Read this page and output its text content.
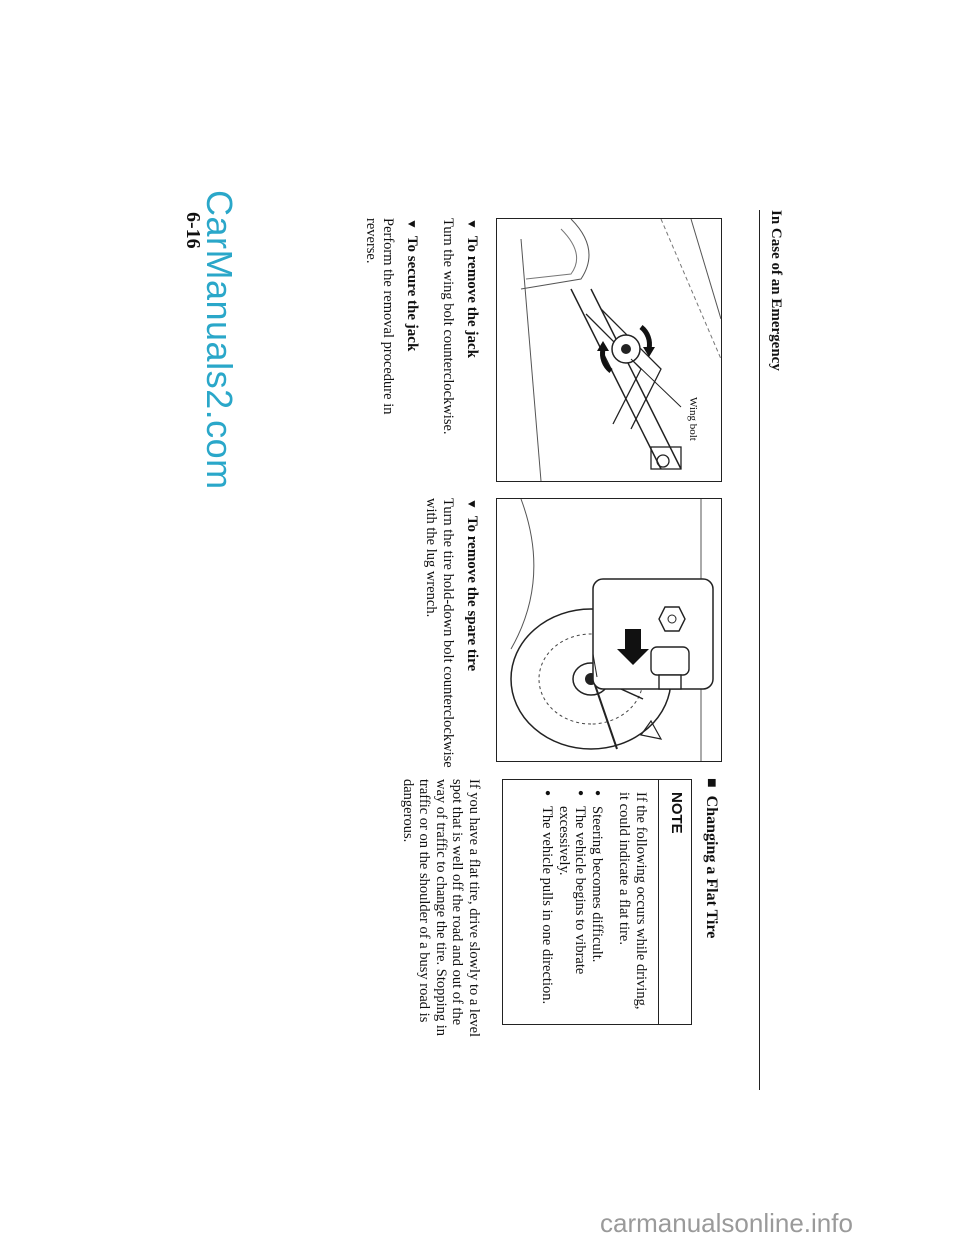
In Case of an Emergency
Wing bolt
▼To remove the jack
Turn the wing bolt counterclockwise.
▼To secure the jack
Perform the removal procedure in reverse.
▼To remove the spare tire
Turn the tire hold-down bolt counterclockwise with the lug wrench.
■Changing a Flat Tire
NOTE
If the following occurs while driving, it could indicate a flat tire.
● Steering becomes difficult.
● The vehicle begins to vibrate excessively.
● The vehicle pulls in one direction.
If you have a flat tire, drive slowly to a level spot that is well off the road and out of the way of traffic to change the tire. Stopping in traffic or on the shoulder of a busy road is dangerous.
6-16
CarManuals2.com
carmanualsonline.info
